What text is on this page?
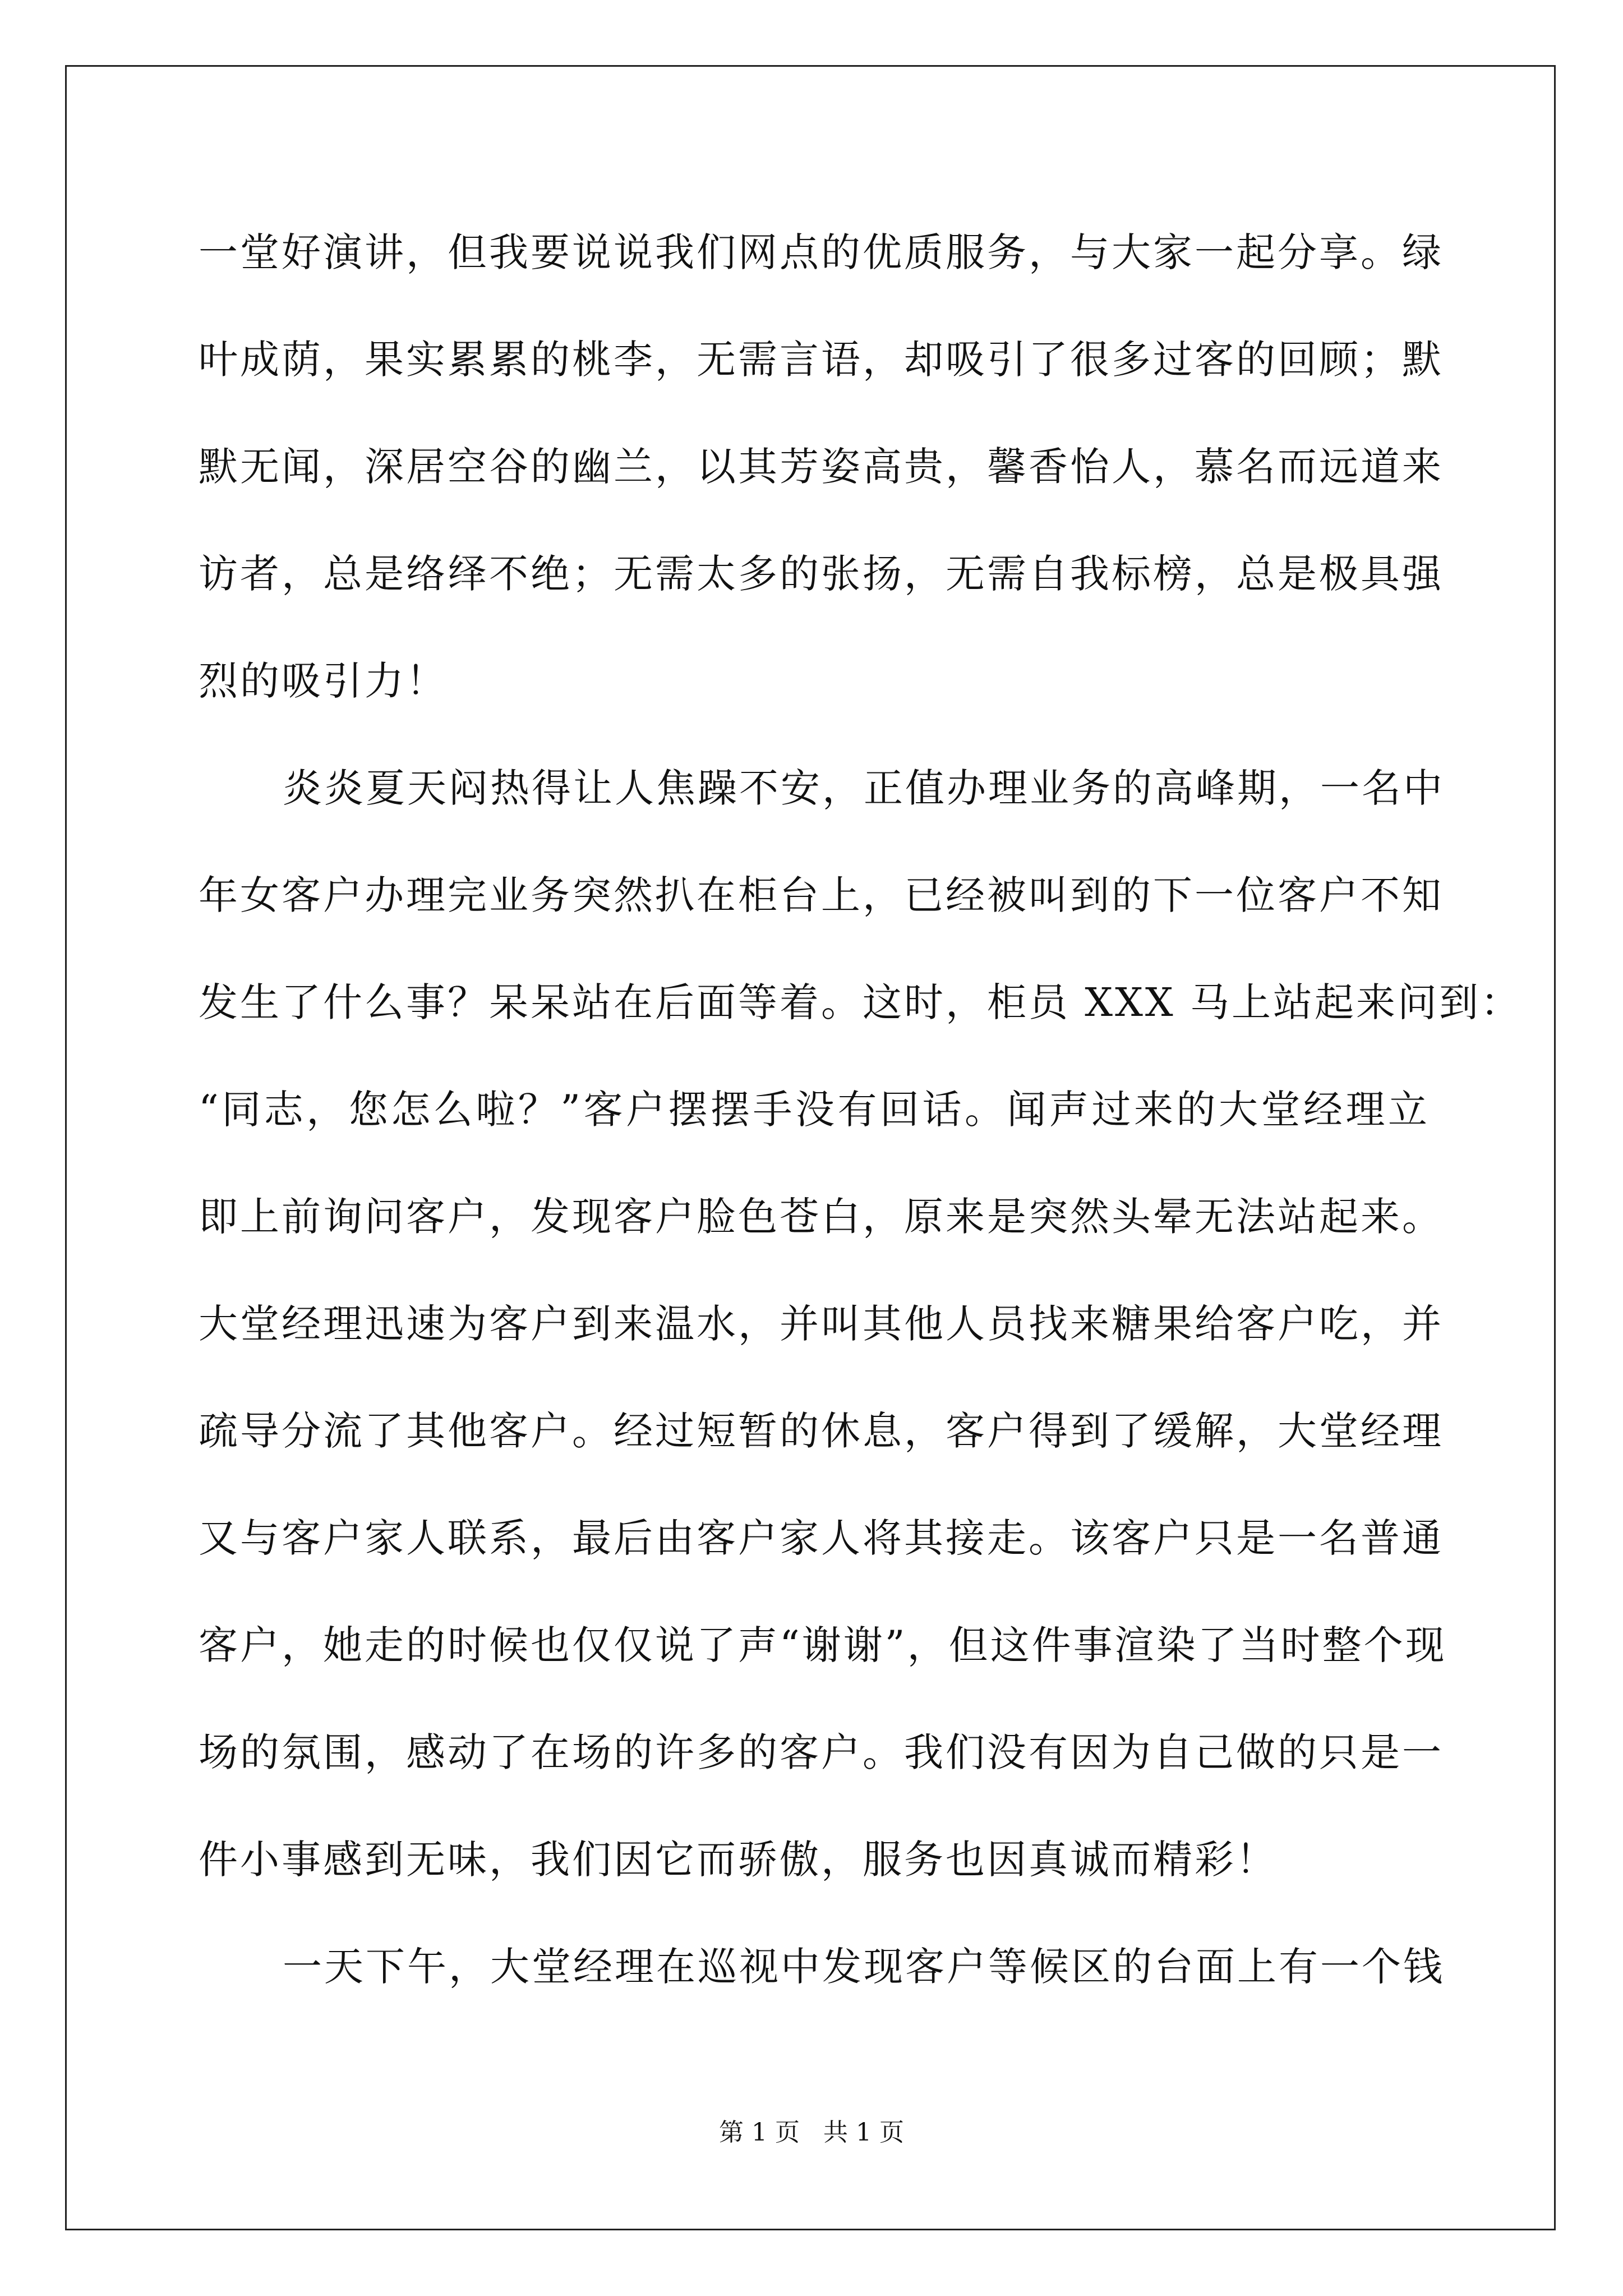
一堂好演讲，但我要说说我们网点的优质服务，与大家一起分享。绿
叶成荫，果实累累的桃李，无需言语，却吸引了很多过客的回顾；默
默无闻，深居空谷的幽兰，以其芳姿高贵，馨香怡人，慕名而远道来
访者，总是络绎不绝；无需太多的张扬，无需自我标榜，总是极具强
烈的吸引力！
炎炎夏天闷热得让人焦躁不安，正值办理业务的高峰期，一名中
年女客户办理完业务突然扒在柜台上，已经被叫到的下一位客户不知
发生了什么事？呆呆站在后面等着。这时，柜员 XXX 马上站起来问到：
“同志，您怎么啦？”客户摆摆手没有回话。闻声过来的大堂经理立
即上前询问客户，发现客户脸色苍白，原来是突然头晕无法站起来。
大堂经理迅速为客户到来温水，并叫其他人员找来糖果给客户吃，并
疏导分流了其他客户。经过短暂的休息，客户得到了缓解，大堂经理
又与客户家人联系，最后由客户家人将其接走。该客户只是一名普通
客户，她走的时候也仅仅说了声“谢谢”，但这件事渲染了当时整个现
场的氛围，感动了在场的许多的客户。我们没有因为自己做的只是一
件小事感到无味，我们因它而骄傲，服务也因真诚而精彩！
一天下午，大堂经理在巡视中发现客户等候区的台面上有一个钱
第 1 页   共 1 页
